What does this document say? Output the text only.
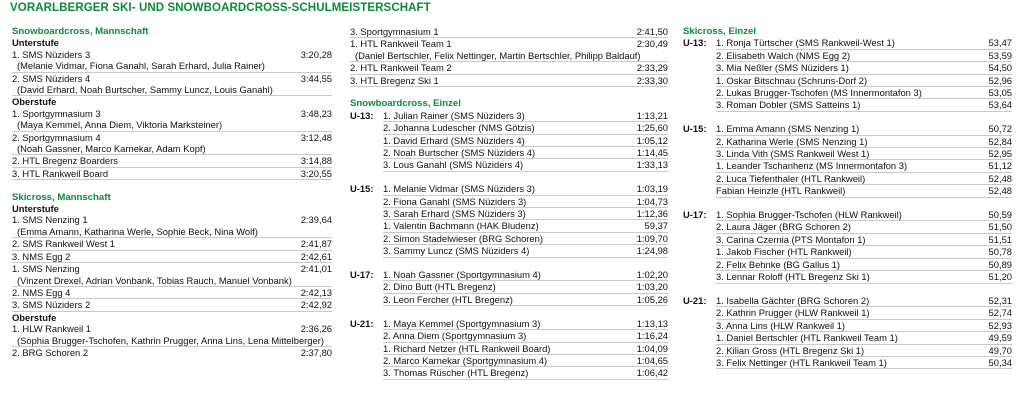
VORARLBERGER SKI- UND SNOWBOARDCROSS-SCHULMEISTERSCHAFT
Snowboardcross, Mannschaft
Unterstufe
1. SMS Nüziders 3	3:20,28
(Melanie Vidmar, Fiona Ganahl, Sarah Erhard, Julia Rainer)
2. SMS Nüziders 4	3:44,55
(David Erhard, Noah Burtscher, Sammy Luncz, Louis Ganahl)
Oberstufe
1. Sportgymnasium 3	3:48,23
(Maya Kemmel, Anna Diem, Viktoria Marksteiner)
2. Sportgymnasium 4	3:12,48
(Noah Gassner, Marco Karnekar, Adam Kopf)
2. HTL Bregenz Boarders	3:14,88
3. HTL Rankweil Board	3:20,55
Skicross, Mannschaft
Unterstufe
1. SMS Nenzing 1	2:39,64
(Emma Amann, Katharina Werle, Sophie Beck, Nina Wolf)
2. SMS Rankweil West 1	2:41,87
3. NMS Egg 2	2:42,61
1. SMS Nenzing	2:41,01
(Vinzent Drexel, Adrian Vonbank, Tobias Rauch, Manuel Vonbank)
2. NMS Egg 4	2:42,13
3. SMS Nüziders 2	2:42,92
Oberstufe
1. HLW Rankweil 1	2:36,26
(Sophia Brugger-Tschofen, Kathrin Prugger, Anna Lins, Lena Mittelberger)
2. BRG Schoren 2	2:37,80
3. Sportgymnasium 1	2:41,50
1. HTL Rankweil Team 1	2:30,49
(Daniel Bertschler, Felix Nettinger, Martin Bertschler, Philipp Baldauf)
2. HTL Rankweil Team 2	2:33,29
3. HTL Bregenz Ski 1	2:33,30
Snowboardcross, Einzel
U-13:	1. Julian Rainer (SMS Nüziders 3)	1:13,21
2. Johanna Ludescher (NMS Götzis)	1:25,60
1. David Erhard (SMS Nüziders 4)	1:05,12
2. Noah Burtscher (SMS Nüziders 4)	1:14,45
3. Lous Ganahl (SMS Nüziders 4)	1:33,13
U-15:	1. Melanie Vidmar (SMS Nüziders 3)	1:03,19
2. Fiona Ganahl (SMS Nüziders 3)	1:04,73
3. Sarah Erhard (SMS Nüziders 3)	1:12,36
1. Valentin Bachmann (HAK Bludenz)	59,37
2. Simon Stadelwieser (BRG Schoren)	1:09,70
3. Sammy Luncz (SMS Nüziders 4)	1:24,98
U-17:	1. Noah Gassner (Sportgymnasium 4)	1:02,20
2. Dino Butt (HTL Bregenz)	1:03,20
3. Leon Fercher (HTL Bregenz)	1:05,26
U-21:	1. Maya Kemmel (Sportgymnasium 3)	1:13,13
2. Anna Diem (Sportgymnasium 3)	1:16,24
1. Richard Netzer (HTL Rankweil Board)	1:04,09
2. Marco Karnekar (Sportgymnasium 4)	1:04,65
3. Thomas Rüscher (HTL Bregenz)	1:06,42
Skicross, Einzel
U-13:	1. Ronja Türtscher (SMS Rankweil-West 1)	53,47
2. Elisabeth Walch (NMS Egg 2)	53,59
3. Mia Neßler (SMS Nüziders 1)	54,50
1. Oskar Bitschnau (Schruns-Dorf 2)	52,96
2. Lukas Brugger-Tschofen (MS Innermontafon 3)	53,05
3. Roman Dobler (SMS Satteins 1)	53,64
U-15:	1. Emma Amann (SMS Nenzing 1)	50,72
2. Katharina Werle (SMS Nenzing 1)	52,84
3. Linda Vith (SMS Rankweil West 1)	52,95
1. Leander Tschanhenz (MS Innermontafon 3)	51,12
2. Luca Tiefenthaler (HTL Rankweil)	52,48
Fabian Heinzle (HTL Rankweil)	52,48
U-17:	1. Sophia Brugger-Tschofen (HLW Rankweil)	50,59
2. Laura Jäger (BRG Schoren 2)	51,50
3. Carina Czernia (PTS Montafon 1)	51,51
1. Jakob Fischer (HTL Rankweil)	50,78
2. Felix Behnke (BG Gallus 1)	50,89
3. Lennar Roloff (HTL Bregenz Ski 1)	51,20
U-21:	1. Isabella Gächter (BRG Schoren 2)	52,31
2. Kathrin Prugger (HLW Rankweil 1)	52,74
3. Anna Lins (HLW Rankweil 1)	52,93
1. Daniel Bertschler (HTL Rankweil Team 1)	49,59
2. Kilian Gross (HTL Bregenz Ski 1)	49,70
3. Felix Nettinger (HTL Rankweil Team 1)	50,34
